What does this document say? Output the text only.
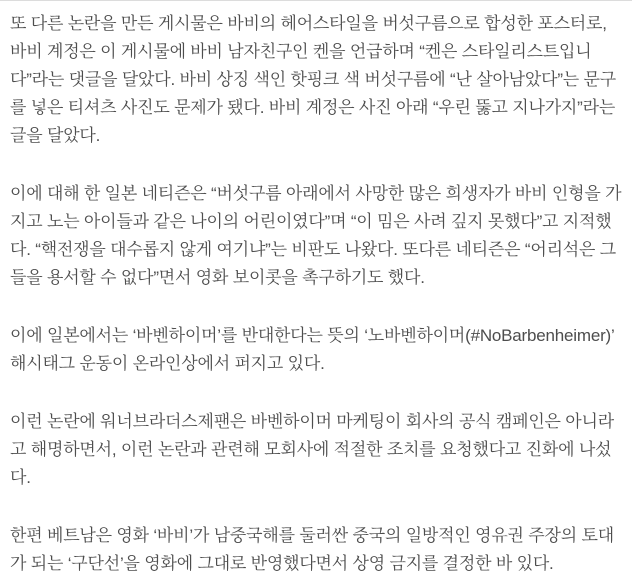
또 다른 논란을 만든 게시물은 바비의 헤어스타일을 버섯구름으로 합성한 포스터로, 바비 계정은 이 게시물에 바비 남자친구인 켄을 언급하며 “켄은 스타일리스트입니다”라는 댓글을 달았다. 바비 상징 색인 핫핑크 색 버섯구름에 “난 살아남았다”는 문구를 넣은 티셔츠 사진도 문제가 됐다. 바비 계정은 사진 아래 “우린 뚫고 지나가지”라는 글을 달았다.

이에 대해 한 일본 네티즌은 “버섯구름 아래에서 사망한 많은 희생자가 바비 인형을 가지고 노는 아이들과 같은 나이의 어린이였다”며 “이 밈은 사려 깊지 못했다”고 지적했다. “핵전쟁을 대수롭지 않게 여기냐”는 비판도 나왔다. 또다른 네티즌은 “어리석은 그들을 용서할 수 없다”면서 영화 보이콧을 촉구하기도 했다.

이에 일본에서는 ‘바벤하이머’를 반대한다는 뜻의 ‘노바벤하이머(#NoBarbenheimer)’ 해시태그 운동이 온라인상에서 퍼지고 있다.

이런 논란에 워너브라더스제팬은 바벤하이머 마케팅이 회사의 공식 캠페인은 아니라고 해명하면서, 이런 논란과 관련해 모회사에 적절한 조치를 요청했다고 진화에 나섰다.

한편 베트남은 영화 ‘바비’가 남중국해를 둘러싼 중국의 일방적인 영유권 주장의 토대가 되는 ‘구단선’을 영화에 그대로 반영했다면서 상영 금지를 결정한 바 있다.
